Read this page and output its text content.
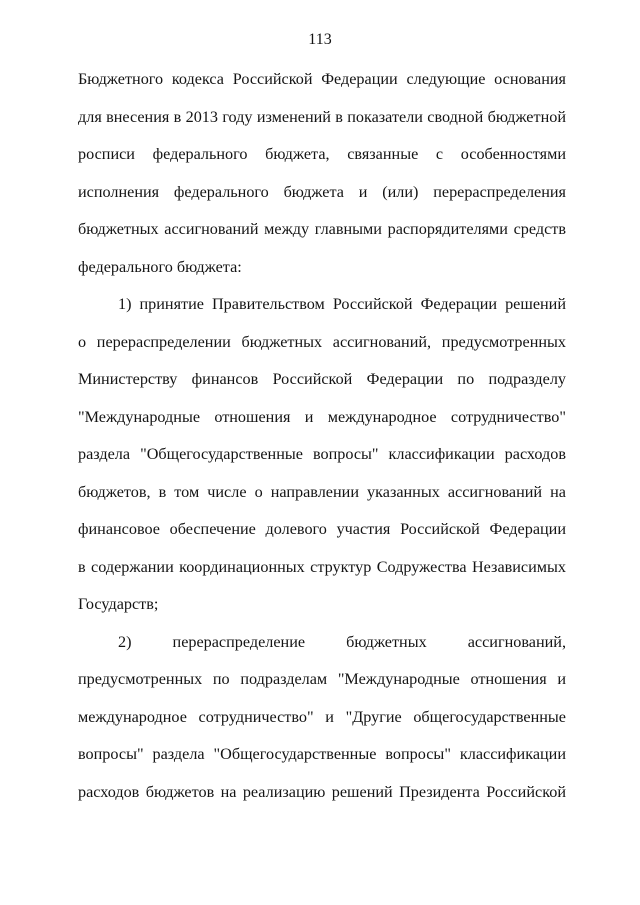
113
Бюджетного кодекса Российской Федерации следующие основания
для внесения в 2013 году изменений в показатели сводной бюджетной
росписи федерального бюджета, связанные с особенностями
исполнения федерального бюджета и (или) перераспределения
бюджетных ассигнований между главными распорядителями средств
федерального бюджета:
1) принятие Правительством Российской Федерации решений
о перераспределении бюджетных ассигнований, предусмотренных
Министерству финансов Российской Федерации по подразделу
"Международные отношения и международное сотрудничество"
раздела "Общегосударственные вопросы" классификации расходов
бюджетов, в том числе о направлении указанных ассигнований на
финансовое обеспечение долевого участия Российской Федерации
в содержании координационных структур Содружества Независимых
Государств;
2) перераспределение бюджетных ассигнований,
предусмотренных по подразделам "Международные отношения и
международное сотрудничество" и "Другие общегосударственные
вопросы" раздела "Общегосударственные вопросы" классификации
расходов бюджетов на реализацию решений Президента Российской
